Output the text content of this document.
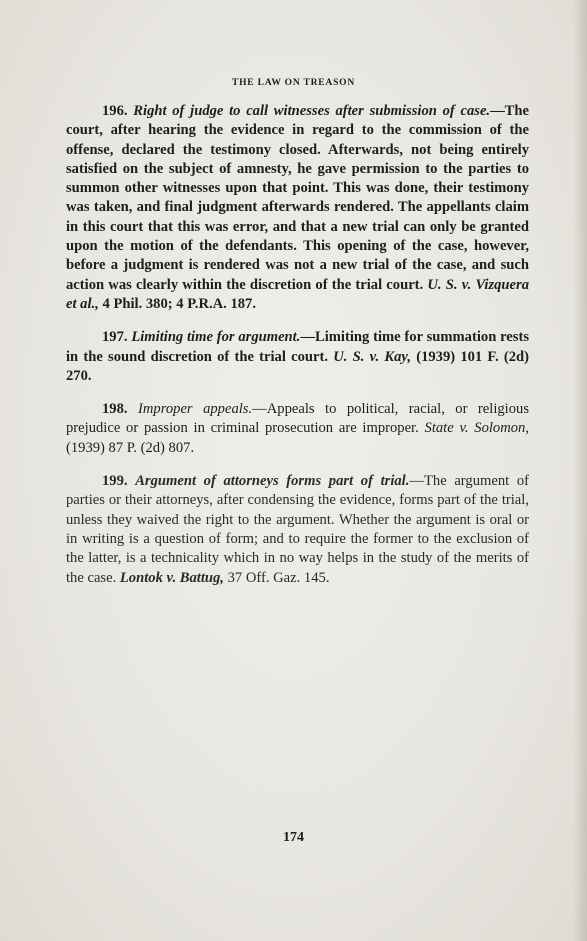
THE LAW ON TREASON

196. Right of judge to call witnesses after submission of case.—The court, after hearing the evidence in regard to the commission of the offense, declared the testimony closed. Afterwards, not being entirely satisfied on the subject of amnesty, he gave permission to the parties to summon other witnesses upon that point. This was done, their testimony was taken, and final judgment afterwards rendered. The appellants claim in this court that this was error, and that a new trial can only be granted upon the motion of the defendants. This opening of the case, however, before a judgment is rendered was not a new trial of the case, and such action was clearly within the discretion of the trial court. U. S. v. Vizquera et al., 4 Phil. 380; 4 P.R.A. 187.

197. Limiting time for argument.—Limiting time for summation rests in the sound discretion of the trial court. U. S. v. Kay, (1939) 101 F. (2d) 270.

198. Improper appeals.—Appeals to political, racial, or religious prejudice or passion in criminal prosecution are improper. State v. Solomon, (1939) 87 P. (2d) 807.

199. Argument of attorneys forms part of trial.—The argument of parties or their attorneys, after condensing the evidence, forms part of the trial, unless they waived the right to the argument. Whether the argument is oral or in writing is a question of form; and to require the former to the exclusion of the latter, is a technicality which in no way helps in the study of the merits of the case. Lontok v. Battug, 37 Off. Gaz. 145.

174
